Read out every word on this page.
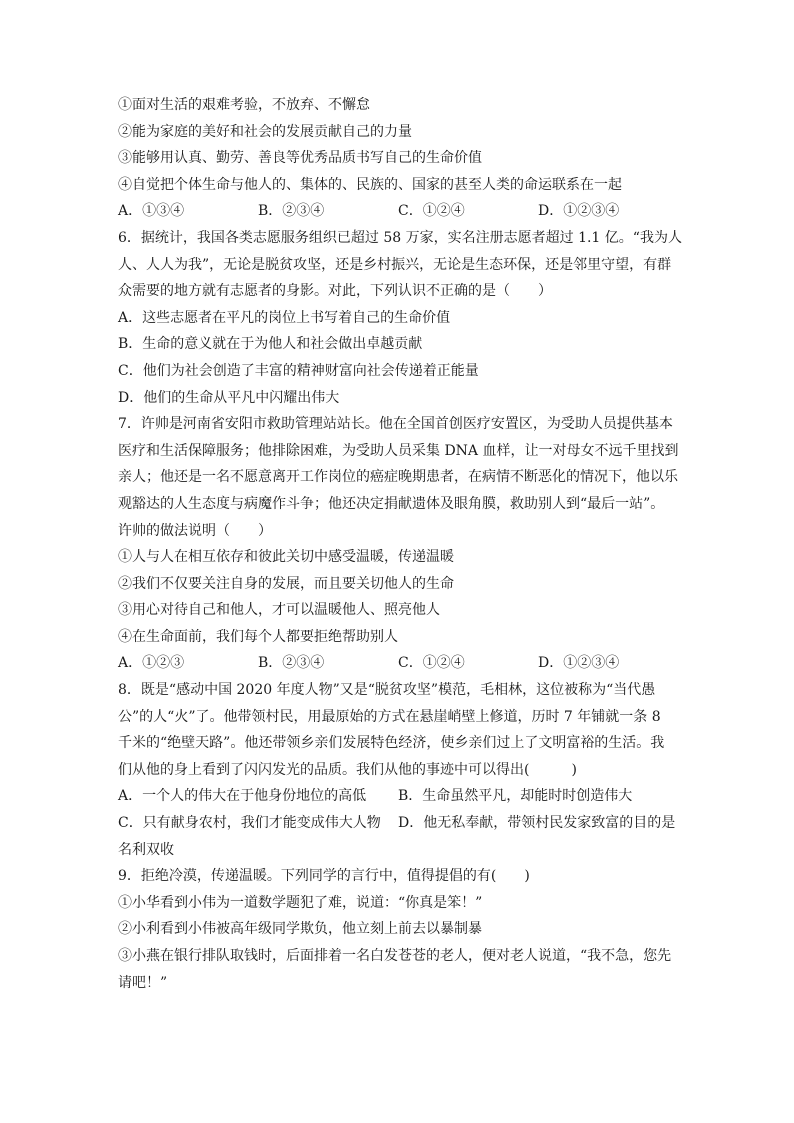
①面对生活的艰难考验，不放弃、不懈怠
②能为家庭的美好和社会的发展贡献自己的力量
③能够用认真、勤劳、善良等优秀品质书写自己的生命价值
④自觉把个体生命与他人的、集体的、民族的、国家的甚至人类的命运联系在一起
A．①③④	B．②③④	C．①②④	D．①②③④
6．据统计，我国各类志愿服务组织已超过 58 万家，实名注册志愿者超过 1.1 亿。“我为人
人、人人为我”，无论是脱贫攻坚，还是乡村振兴，无论是生态环保，还是邻里守望，有群
众需要的地方就有志愿者的身影。对此，下列认识不正确的是（　　）
A．这些志愿者在平凡的岗位上书写着自己的生命价值
B．生命的意义就在于为他人和社会做出卓越贡献
C．他们为社会创造了丰富的精神财富向社会传递着正能量
D．他们的生命从平凡中闪耀出伟大
7．许帅是河南省安阳市救助管理站站长。他在全国首创医疗安置区，为受助人员提供基本
医疗和生活保障服务；他排除困难，为受助人员采集 DNA 血样，让一对母女不远千里找到
亲人；他还是一名不愿意离开工作岗位的癌症晚期患者，在病情不断恶化的情况下，他以乐
观豁达的人生态度与病魔作斗争；他还决定捐献遗体及眼角膜，救助别人到“最后一站”。
许帅的做法说明（　　）
①人与人在相互依存和彼此关切中感受温暖，传递温暖
②我们不仅要关注自身的发展，而且要关切他人的生命
③用心对待自己和他人，才可以温暖他人、照亮他人
④在生命面前，我们每个人都要拒绝帮助别人
A．①②③	B．②③④	C．①②④	D．①②③④
8．既是“感动中国 2020 年度人物”又是“脱贫攻坚”模范，毛相林，这位被称为“当代愚
公”的人“火”了。他带领村民，用最原始的方式在悬崖峭壁上修道，历时 7 年铺就一条 8
千米的“绝壁天路”。他还带领乡亲们发展特色经济，使乡亲们过上了文明富裕的生活。我
们从他的身上看到了闪闪发光的品质。我们从他的事迹中可以得出(　　　)
A．一个人的伟大在于他身份地位的高低	B．生命虽然平凡，却能时时创造伟大
C．只有献身农村，我们才能变成伟大人物	D．他无私奉献，带领村民发家致富的目的是
名利双收
9．拒绝冷漠，传递温暖。下列同学的言行中，值得提倡的有(　　)
①小华看到小伟为一道数学题犯了难，说道：“你真是笨！”
②小利看到小伟被高年级同学欺负，他立刻上前去以暴制暴
③小燕在银行排队取钱时，后面排着一名白发苍苍的老人，便对老人说道，“我不急，您先
请吧！”
